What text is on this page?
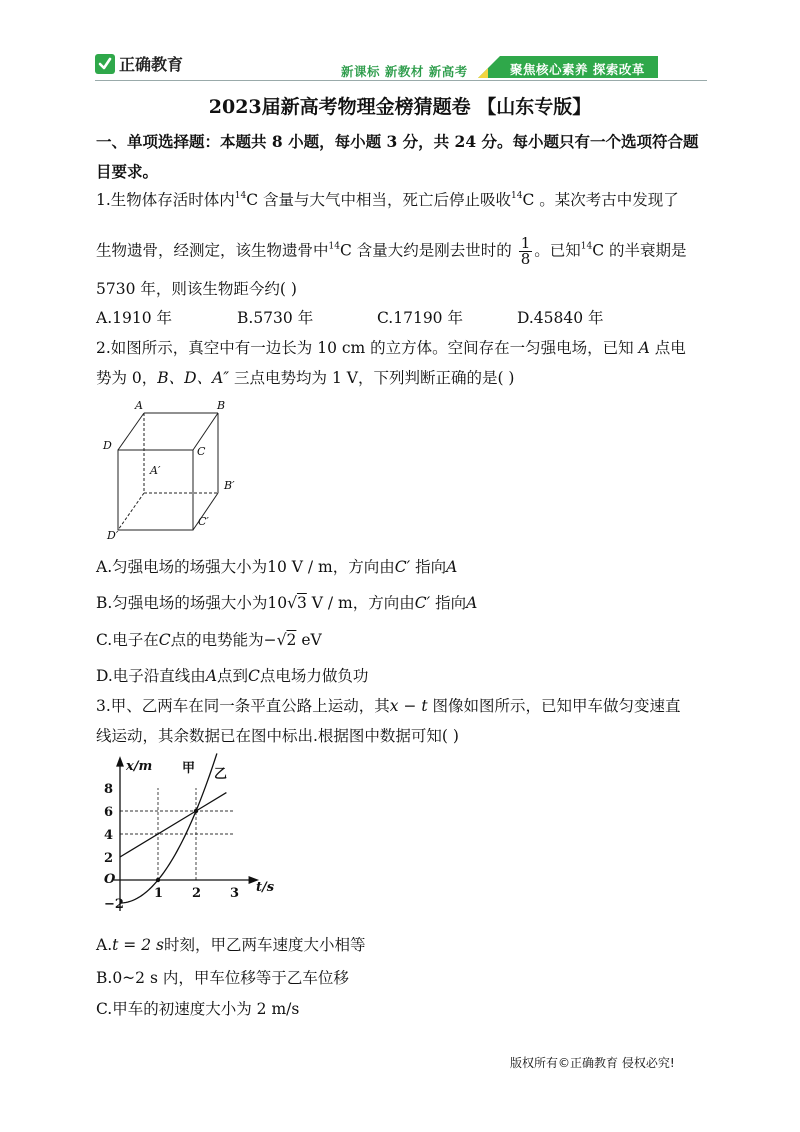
正确教育	新课标 新教材 新高考	聚焦核心素养 探索改革
2023届新高考物理金榜猜题卷 【山东专版】
一、单项选择题：本题共 8 小题，每小题 3 分，共 24 分。每小题只有一个选项符合题目要求。
1.生物体存活时体内$^{14}$C 含量与大气中相当，死亡后停止吸收$^{14}$C 。某次考古中发现了
生物遗骨，经测定，该生物遗骨中$^{14}$C 含量大约是刚去世时的 $\frac{1}{8}$ 。已知$^{14}$C 的半衰期是
5730 年，则该生物距今约( )
A.1910 年	B.5730 年	C.17190 年	D.45840 年
2.如图所示，真空中有一边长为 10 cm 的立方体。空间存在一匀强电场，已知 A 点电
势为 0，B、D、A″ 三点电势均为 1 V，下列判断正确的是( )
A	B
C
D
A′
B′
C′
D′
A.匀强电场的场强大小为10 V / m，方向由C′ 指向A
B.匀强电场的场强大小为10√3 V / m，方向由C′ 指向A
C.电子在C点的电势能为−√2 eV
D.电子沿直线由A点到C点电场力做负功
3.甲、乙两车在同一条平直公路上运动，其x − t 图像如图所示，已知甲车做匀变速直
线运动，其余数据已在图中标出.根据图中数据可知( )
x/m
t/s
O
甲 乙
8
6
4
2
−2
1 2 3
A.t = 2 s时刻，甲乙两车速度大小相等
B.0~2 s 内，甲车位移等于乙车位移
C.甲车的初速度大小为 2 m/s
版权所有©正确教育 侵权必究!
